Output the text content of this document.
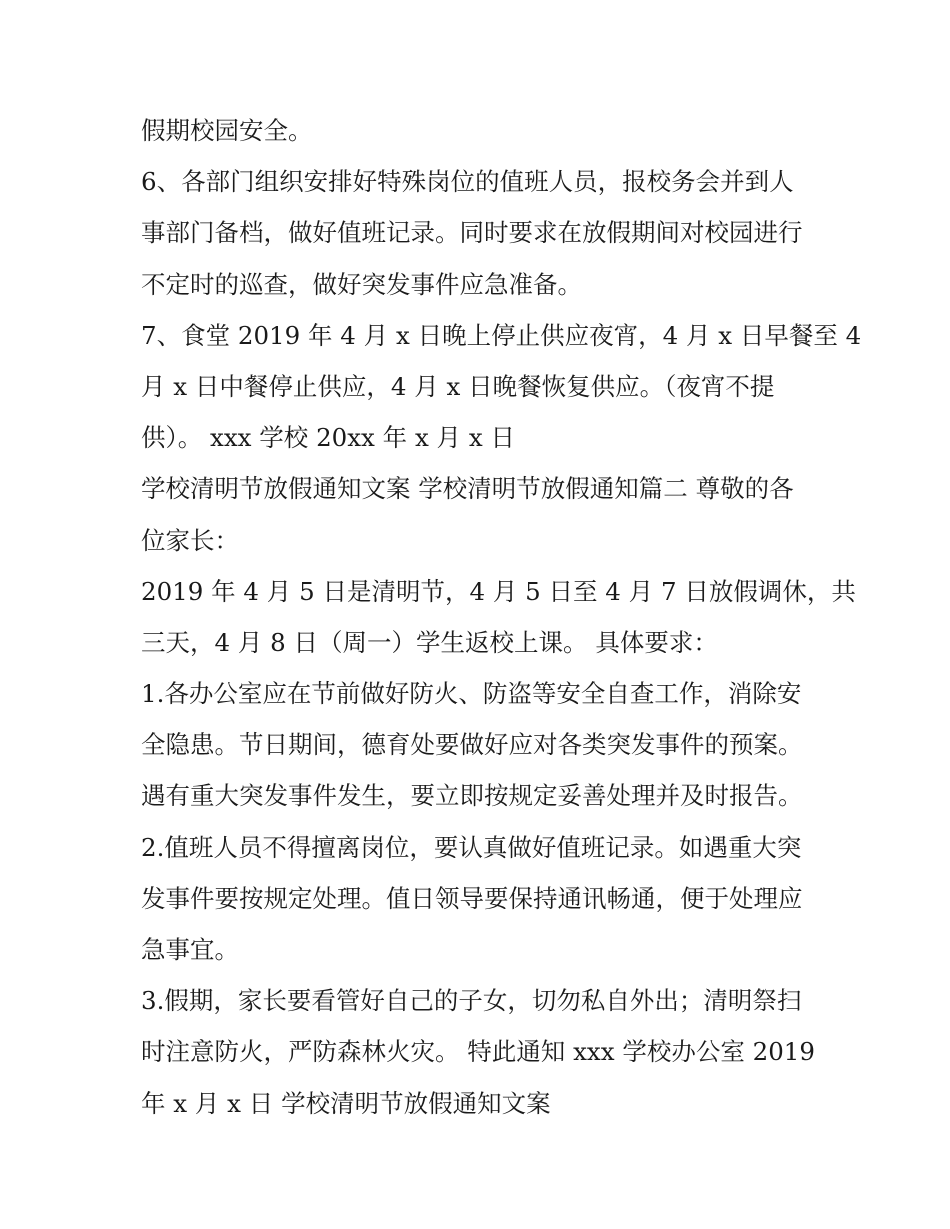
假期校园安全。
6、各部门组织安排好特殊岗位的值班人员，报校务会并到人
事部门备档，做好值班记录。同时要求在放假期间对校园进行
不定时的巡查，做好突发事件应急准备。
7、食堂 2019 年 4 月 x 日晚上停止供应夜宵，4 月 x 日早餐至 4
月 x 日中餐停止供应，4 月 x 日晚餐恢复供应。（夜宵不提
供）。 xxx 学校 20xx 年 x 月 x 日
学校清明节放假通知文案 学校清明节放假通知篇二 尊敬的各
位家长：
2019 年 4 月 5 日是清明节，4 月 5 日至 4 月 7 日放假调休，共
三天，4 月 8 日（周一）学生返校上课。 具体要求：
1.各办公室应在节前做好防火、防盗等安全自查工作，消除安
全隐患。节日期间，德育处要做好应对各类突发事件的预案。
遇有重大突发事件发生，要立即按规定妥善处理并及时报告。
2.值班人员不得擅离岗位，要认真做好值班记录。如遇重大突
发事件要按规定处理。值日领导要保持通讯畅通，便于处理应
急事宜。
3.假期，家长要看管好自己的子女，切勿私自外出；清明祭扫
时注意防火，严防森林火灾。 特此通知 xxx 学校办公室 2019
年 x 月 x 日 学校清明节放假通知文案
